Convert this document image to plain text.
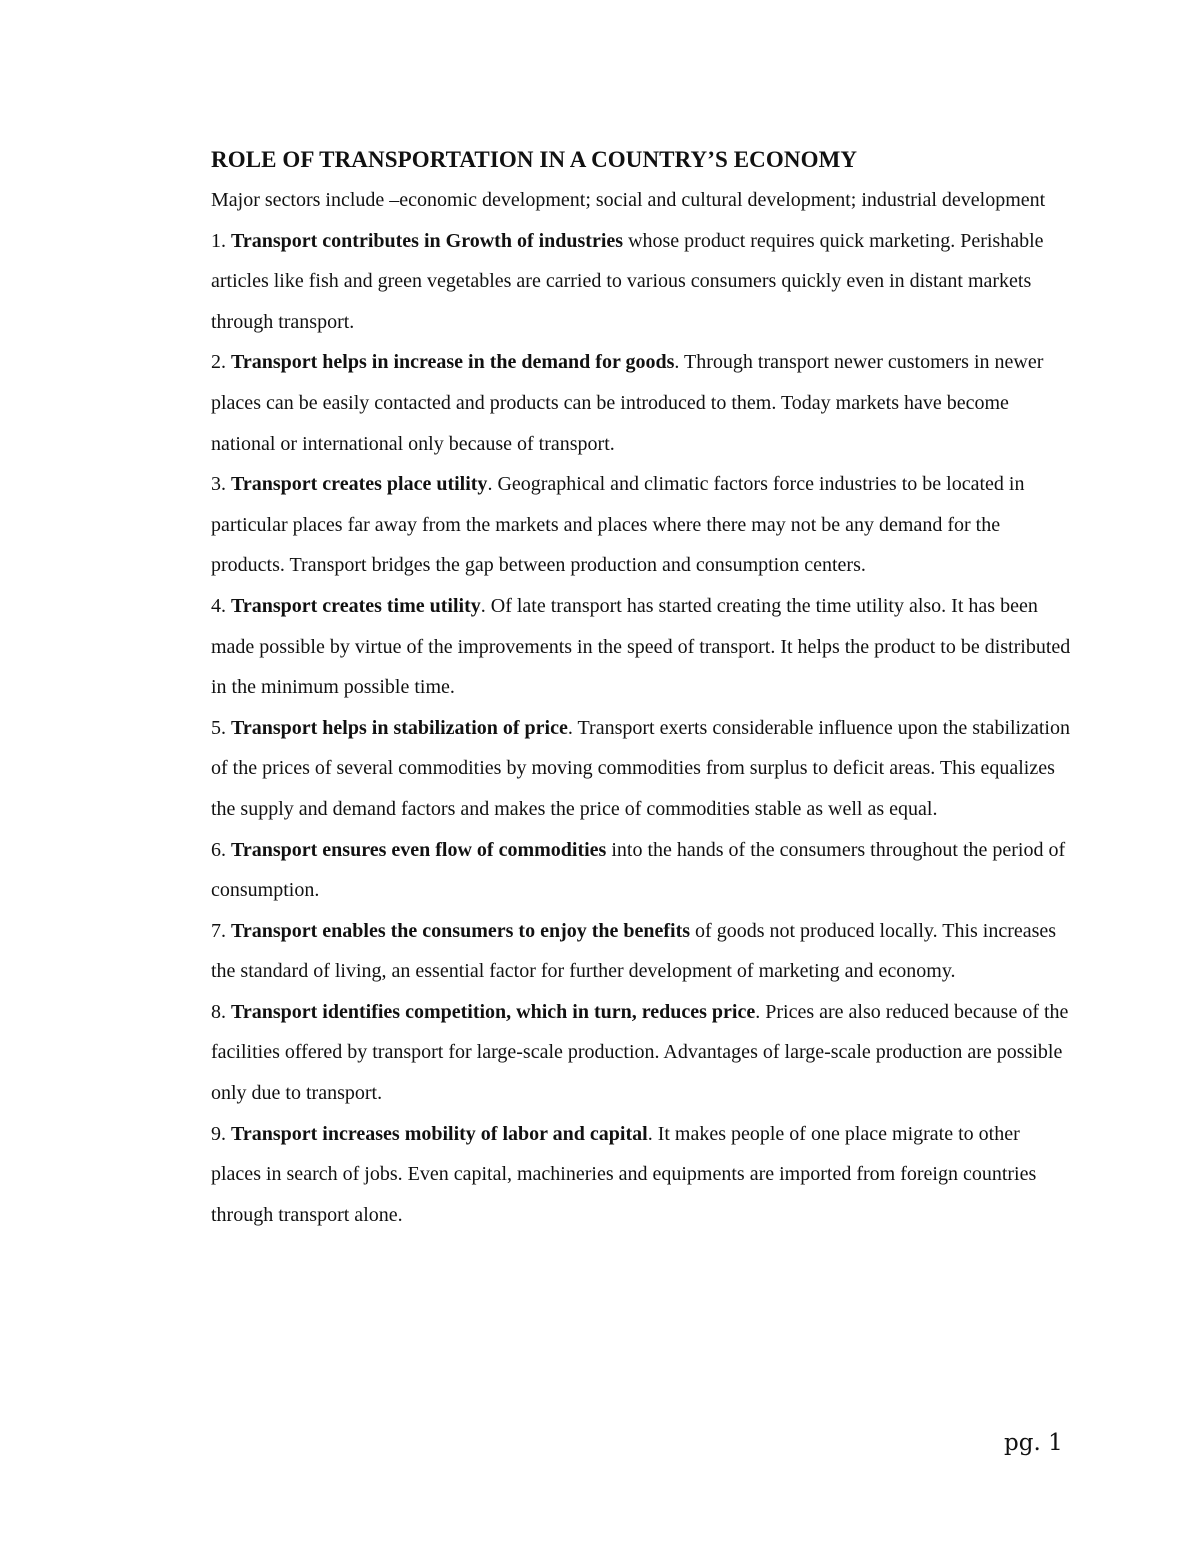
ROLE OF TRANSPORTATION IN A COUNTRY’S ECONOMY

Major sectors include –economic development; social and cultural development; industrial development

1. Transport contributes in Growth of industries whose product requires quick marketing. Perishable articles like fish and green vegetables are carried to various consumers quickly even in distant markets through transport.

2. Transport helps in increase in the demand for goods. Through transport newer customers in newer places can be easily contacted and products can be introduced to them. Today markets have become national or international only because of transport.

3. Transport creates place utility. Geographical and climatic factors force industries to be located in particular places far away from the markets and places where there may not be any demand for the products. Transport bridges the gap between production and consumption centers.

4. Transport creates time utility. Of late transport has started creating the time utility also. It has been made possible by virtue of the improvements in the speed of transport. It helps the product to be distributed in the minimum possible time.

5. Transport helps in stabilization of price. Transport exerts considerable influence upon the stabilization of the prices of several commodities by moving commodities from surplus to deficit areas. This equalizes the supply and demand factors and makes the price of commodities stable as well as equal.

6. Transport ensures even flow of commodities into the hands of the consumers throughout the period of consumption.

7. Transport enables the consumers to enjoy the benefits of goods not produced locally. This increases the standard of living, an essential factor for further development of marketing and economy.

8. Transport identifies competition, which in turn, reduces price. Prices are also reduced because of the facilities offered by transport for large-scale production. Advantages of large-scale production are possible only due to transport.

9. Transport increases mobility of labor and capital. It makes people of one place migrate to other places in search of jobs. Even capital, machineries and equipments are imported from foreign countries through transport alone.

pg. 1
